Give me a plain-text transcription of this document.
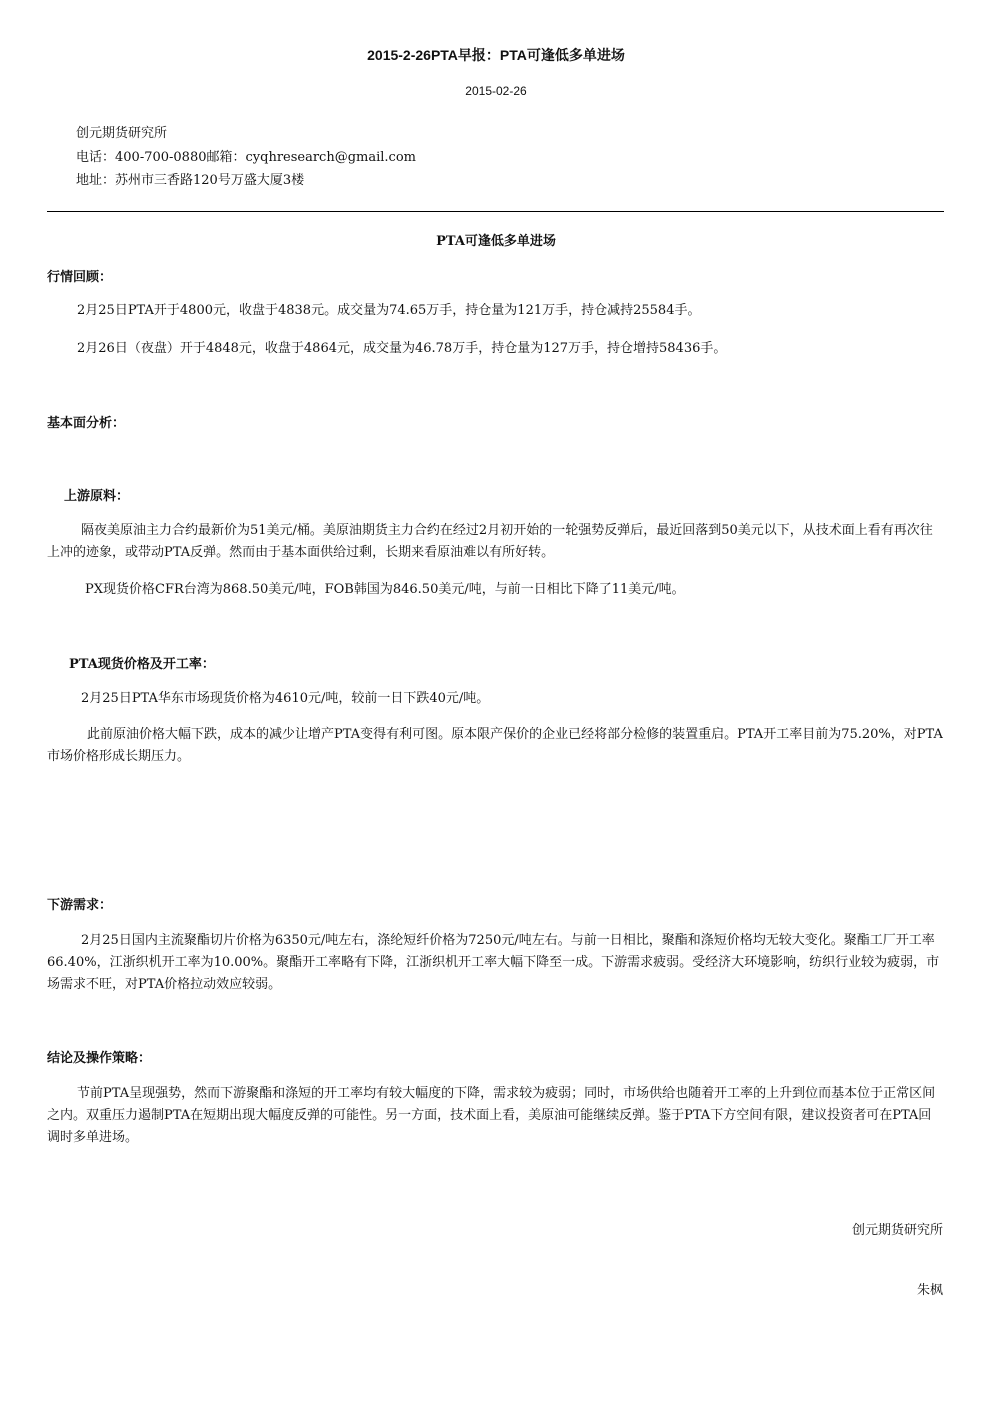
2015-2-26PTA早报：PTA可逢低多单进场
2015-02-26
创元期货研究所
电话：400-700-0880邮箱：cyqhresearch@gmail.com
地址：苏州市三香路120号万盛大厦3楼
PTA可逢低多单进场
行情回顾：
2月25日PTA开于4800元，收盘于4838元。成交量为74.65万手，持仓量为121万手，持仓减持25584手。
2月26日（夜盘）开于4848元，收盘于4864元，成交量为46.78万手，持仓量为127万手，持仓增持58436手。
基本面分析：
上游原料：
隔夜美原油主力合约最新价为51美元/桶。美原油期货主力合约在经过2月初开始的一轮强势反弹后，最近回落到50美元以下，从技术面上看有再次往上冲的迹象，或带动PTA反弹。然而由于基本面供给过剩，长期来看原油难以有所好转。
PX现货价格CFR台湾为868.50美元/吨，FOB韩国为846.50美元/吨，与前一日相比下降了11美元/吨。
PTA现货价格及开工率：
2月25日PTA华东市场现货价格为4610元/吨，较前一日下跌40元/吨。
此前原油价格大幅下跌，成本的减少让增产PTA变得有利可图。原本限产保价的企业已经将部分检修的装置重启。PTA开工率目前为75.20%，对PTA市场价格形成长期压力。
下游需求：
2月25日国内主流聚酯切片价格为6350元/吨左右，涤纶短纤价格为7250元/吨左右。与前一日相比，聚酯和涤短价格均无较大变化。聚酯工厂开工率66.40%，江浙织机开工率为10.00%。聚酯开工率略有下降，江浙织机开工率大幅下降至一成。下游需求疲弱。受经济大环境影响，纺织行业较为疲弱，市场需求不旺，对PTA价格拉动效应较弱。
结论及操作策略：
节前PTA呈现强势，然而下游聚酯和涤短的开工率均有较大幅度的下降，需求较为疲弱；同时，市场供给也随着开工率的上升到位而基本位于正常区间之内。双重压力遏制PTA在短期出现大幅度反弹的可能性。另一方面，技术面上看，美原油可能继续反弹。鉴于PTA下方空间有限，建议投资者可在PTA回调时多单进场。
创元期货研究所
朱枫
